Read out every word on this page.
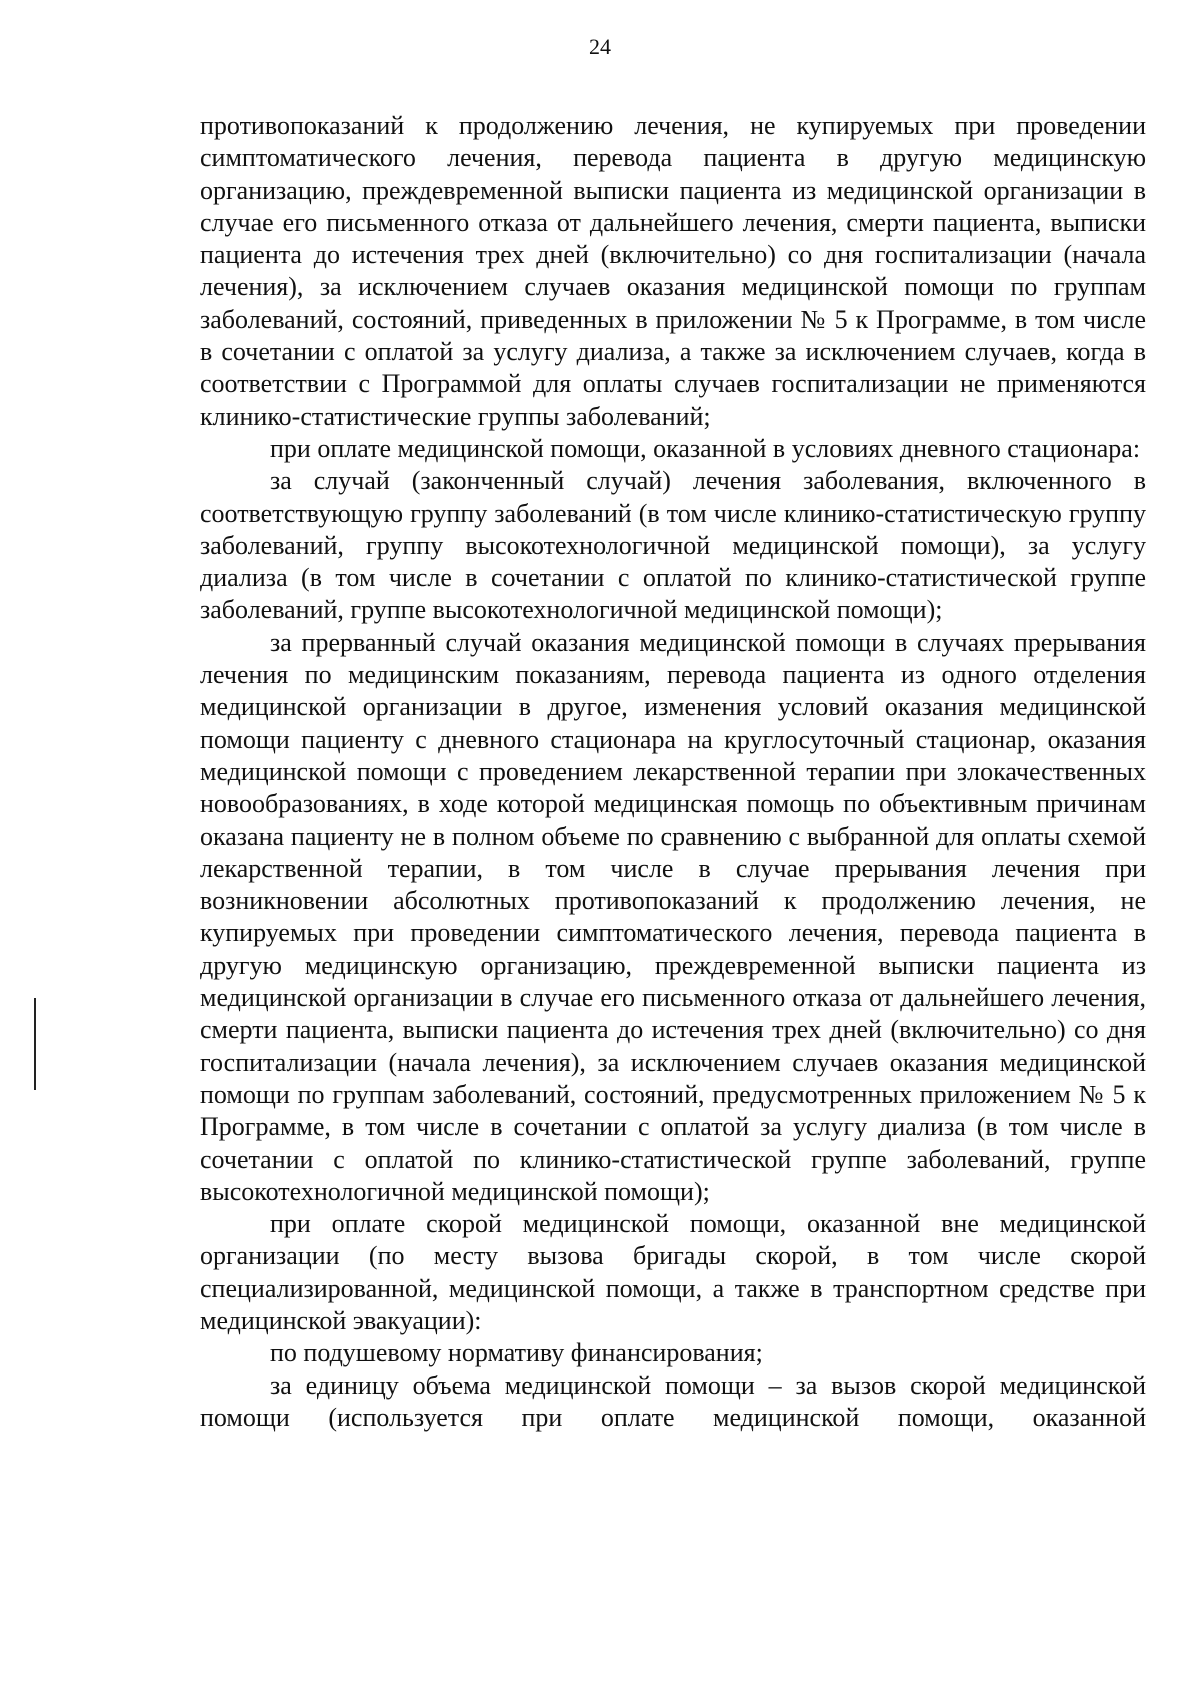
24

противопоказаний к продолжению лечения, не купируемых при проведении симптоматического лечения, перевода пациента в другую медицинскую организацию, преждевременной выписки пациента из медицинской организации в случае его письменного отказа от дальнейшего лечения, смерти пациента, выписки пациента до истечения трех дней (включительно) со дня госпитализации (начала лечения), за исключением случаев оказания медицинской помощи по группам заболеваний, состояний, приведенных в приложении № 5 к Программе, в том числе в сочетании с оплатой за услугу диализа, а также за исключением случаев, когда в соответствии с Программой для оплаты случаев госпитализации не применяются клинико-статистические группы заболеваний;

при оплате медицинской помощи, оказанной в условиях дневного стационара:

за случай (законченный случай) лечения заболевания, включенного в соответствующую группу заболеваний (в том числе клинико-статистическую группу заболеваний, группу высокотехнологичной медицинской помощи), за услугу диализа (в том числе в сочетании с оплатой по клинико-статистической группе заболеваний, группе высокотехнологичной медицинской помощи);

за прерванный случай оказания медицинской помощи в случаях прерывания лечения по медицинским показаниям, перевода пациента из одного отделения медицинской организации в другое, изменения условий оказания медицинской помощи пациенту с дневного стационара на круглосуточный стационар, оказания медицинской помощи с проведением лекарственной терапии при злокачественных новообразованиях, в ходе которой медицинская помощь по объективным причинам оказана пациенту не в полном объеме по сравнению с выбранной для оплаты схемой лекарственной терапии, в том числе в случае прерывания лечения при возникновении абсолютных противопоказаний к продолжению лечения, не купируемых при проведении симптоматического лечения, перевода пациента в другую медицинскую организацию, преждевременной выписки пациента из медицинской организации в случае его письменного отказа от дальнейшего лечения, смерти пациента, выписки пациента до истечения трех дней (включительно) со дня госпитализации (начала лечения), за исключением случаев оказания медицинской помощи по группам заболеваний, состояний, предусмотренных приложением № 5 к Программе, в том числе в сочетании с оплатой за услугу диализа (в том числе в сочетании с оплатой по клинико-статистической группе заболеваний, группе высокотехнологичной медицинской помощи);

при оплате скорой медицинской помощи, оказанной вне медицинской организации (по месту вызова бригады скорой, в том числе скорой специализированной, медицинской помощи, а также в транспортном средстве при медицинской эвакуации):

по подушевому нормативу финансирования;

за единицу объема медицинской помощи – за вызов скорой медицинской помощи (используется при оплате медицинской помощи, оказанной
